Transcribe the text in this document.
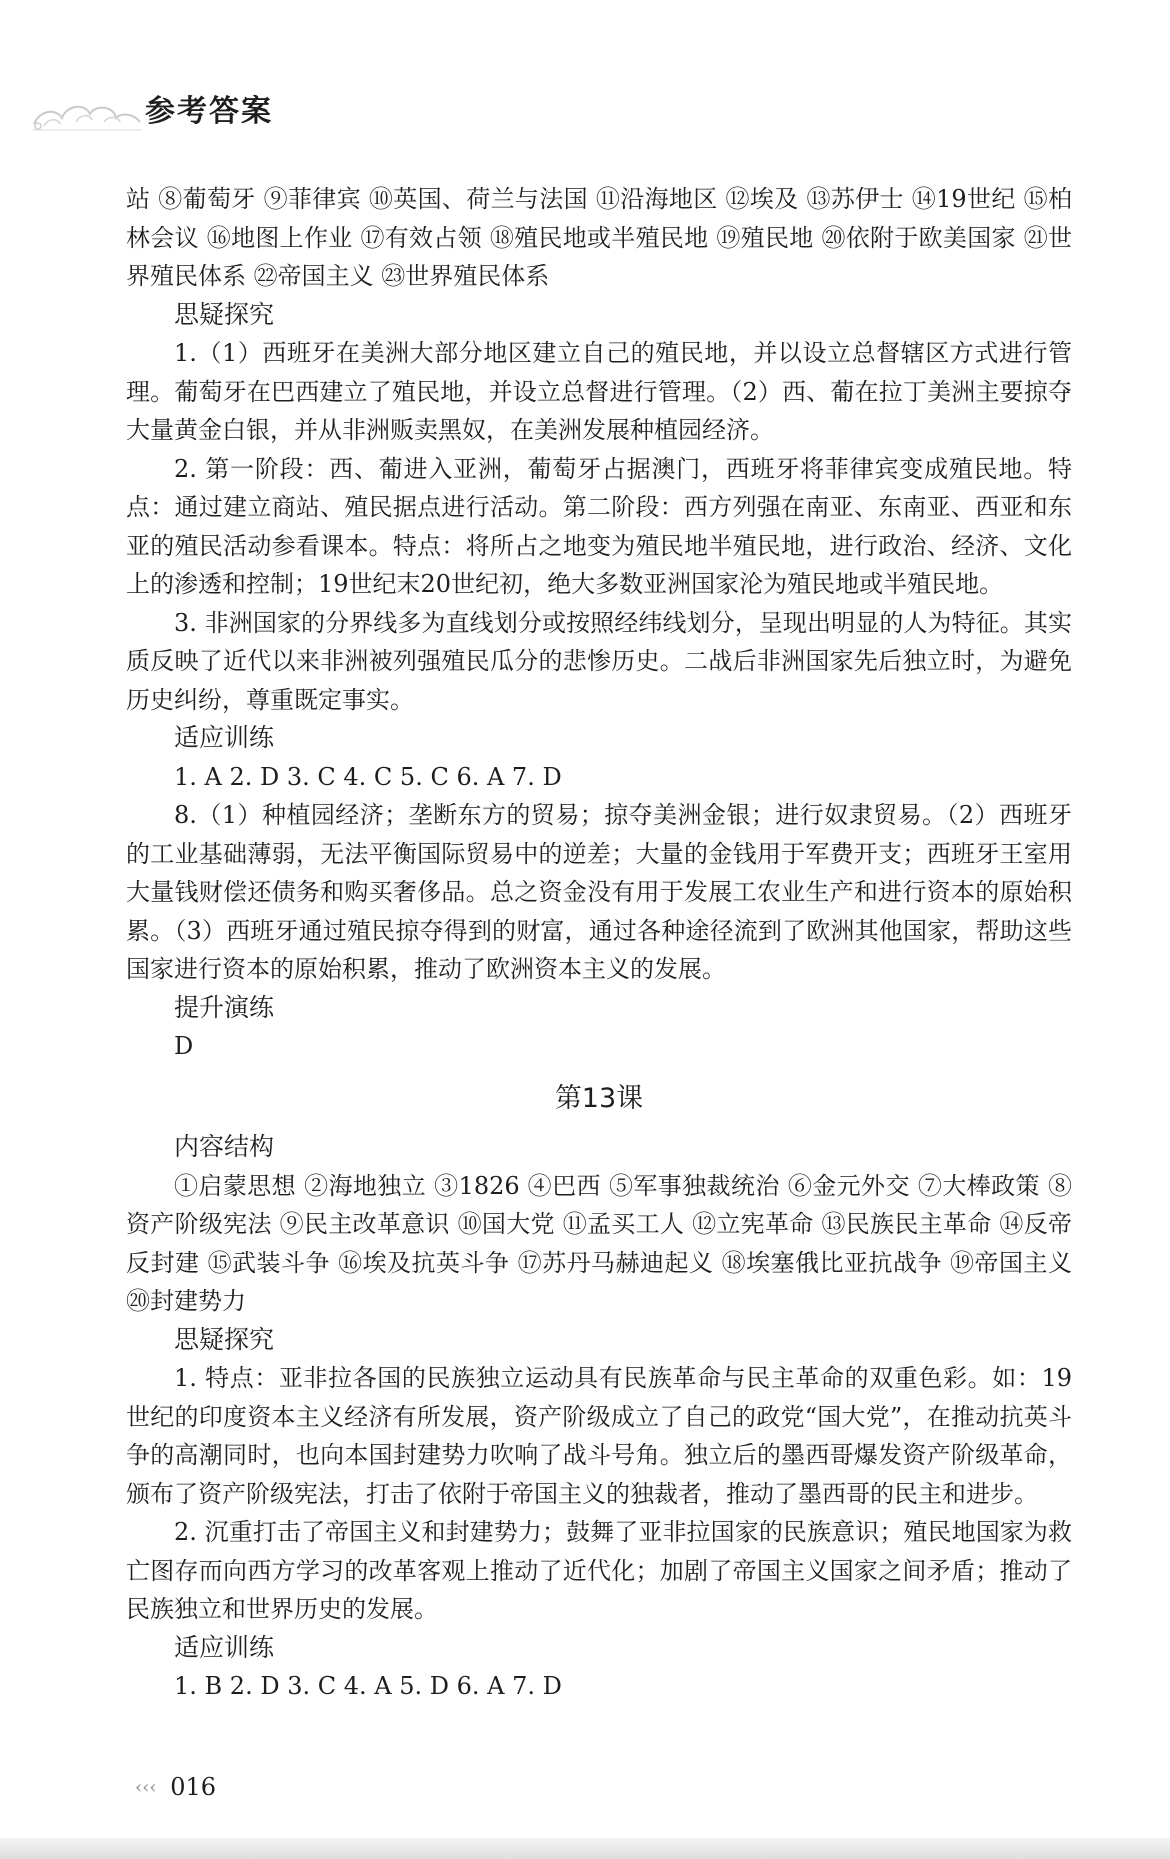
参考答案

站 ⑧葡萄牙 ⑨菲律宾 ⑩英国、荷兰与法国 ⑪沿海地区 ⑫埃及 ⑬苏伊士 ⑭19世纪 ⑮柏林会议 ⑯地图上作业 ⑰有效占领 ⑱殖民地或半殖民地 ⑲殖民地 ⑳依附于欧美国家 ㉑世界殖民体系 ㉒帝国主义 ㉓世界殖民体系

思疑探究

1.（1）西班牙在美洲大部分地区建立自己的殖民地，并以设立总督辖区方式进行管理。葡萄牙在巴西建立了殖民地，并设立总督进行管理。（2）西、葡在拉丁美洲主要掠夺大量黄金白银，并从非洲贩卖黑奴，在美洲发展种植园经济。

2. 第一阶段：西、葡进入亚洲，葡萄牙占据澳门，西班牙将菲律宾变成殖民地。特点：通过建立商站、殖民据点进行活动。第二阶段：西方列强在南亚、东南亚、西亚和东亚的殖民活动参看课本。特点：将所占之地变为殖民地半殖民地，进行政治、经济、文化上的渗透和控制；19世纪末20世纪初，绝大多数亚洲国家沦为殖民地或半殖民地。

3. 非洲国家的分界线多为直线划分或按照经纬线划分，呈现出明显的人为特征。其实质反映了近代以来非洲被列强殖民瓜分的悲惨历史。二战后非洲国家先后独立时，为避免历史纠纷，尊重既定事实。

适应训练

1. A 2. D 3. C 4. C 5. C 6. A 7. D

8.（1）种植园经济；垄断东方的贸易；掠夺美洲金银；进行奴隶贸易。（2）西班牙的工业基础薄弱，无法平衡国际贸易中的逆差；大量的金钱用于军费开支；西班牙王室用大量钱财偿还债务和购买奢侈品。总之资金没有用于发展工农业生产和进行资本的原始积累。（3）西班牙通过殖民掠夺得到的财富，通过各种途径流到了欧洲其他国家，帮助这些国家进行资本的原始积累，推动了欧洲资本主义的发展。

提升演练

D

第13课

内容结构

①启蒙思想 ②海地独立 ③1826 ④巴西 ⑤军事独裁统治 ⑥金元外交 ⑦大棒政策 ⑧资产阶级宪法 ⑨民主改革意识 ⑩国大党 ⑪孟买工人 ⑫立宪革命 ⑬民族民主革命 ⑭反帝反封建 ⑮武装斗争 ⑯埃及抗英斗争 ⑰苏丹马赫迪起义 ⑱埃塞俄比亚抗战争 ⑲帝国主义 ⑳封建势力

思疑探究

1. 特点：亚非拉各国的民族独立运动具有民族革命与民主革命的双重色彩。如：19世纪的印度资本主义经济有所发展，资产阶级成立了自己的政党“国大党”，在推动抗英斗争的高潮同时，也向本国封建势力吹响了战斗号角。独立后的墨西哥爆发资产阶级革命，颁布了资产阶级宪法，打击了依附于帝国主义的独裁者，推动了墨西哥的民主和进步。

2. 沉重打击了帝国主义和封建势力；鼓舞了亚非拉国家的民族意识；殖民地国家为救亡图存而向西方学习的改革客观上推动了近代化；加剧了帝国主义国家之间矛盾；推动了民族独立和世界历史的发展。

适应训练

1. B 2. D 3. C 4. A 5. D 6. A 7. D

‹‹‹ 016
